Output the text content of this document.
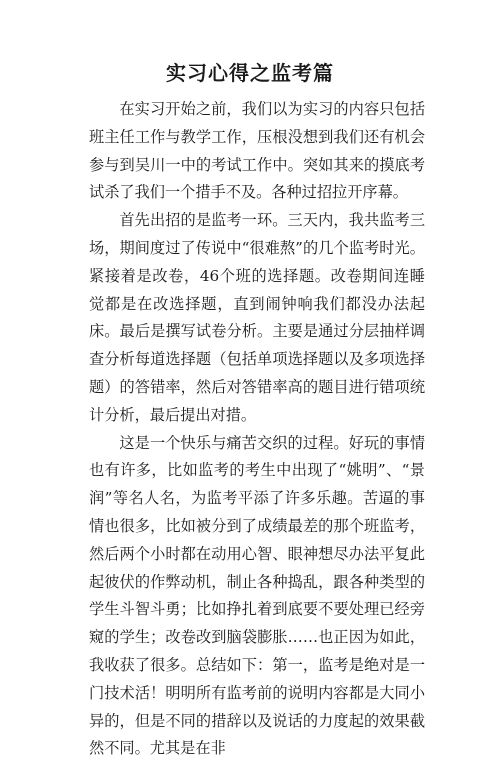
实习心得之监考篇

在实习开始之前，我们以为实习的内容只包括班主任工作与教学工作，压根没想到我们还有机会参与到吴川一中的考试工作中。突如其来的摸底考试杀了我们一个措手不及。各种过招拉开序幕。

首先出招的是监考一环。三天内，我共监考三场，期间度过了传说中“很难熬”的几个监考时光。紧接着是改卷，46个班的选择题。改卷期间连睡觉都是在改选择题，直到闹钟响我们都没办法起床。最后是撰写试卷分析。主要是通过分层抽样调查分析每道选择题（包括单项选择题以及多项选择题）的答错率，然后对答错率高的题目进行错项统计分析，最后提出对措。

这是一个快乐与痛苦交织的过程。好玩的事情也有许多，比如监考的考生中出现了“姚明”、“景润”等名人名，为监考平添了许多乐趣。苦逼的事情也很多，比如被分到了成绩最差的那个班监考，然后两个小时都在动用心智、眼神想尽办法平复此起彼伏的作弊动机，制止各种捣乱，跟各种类型的学生斗智斗勇；比如挣扎着到底要不要处理已经旁窥的学生；改卷改到脑袋膨胀……也正因为如此，我收获了很多。总结如下：第一，监考是绝对是一门技术活！明明所有监考前的说明内容都是大同小异的，但是不同的措辞以及说话的力度起的效果截然不同。尤其是在非
